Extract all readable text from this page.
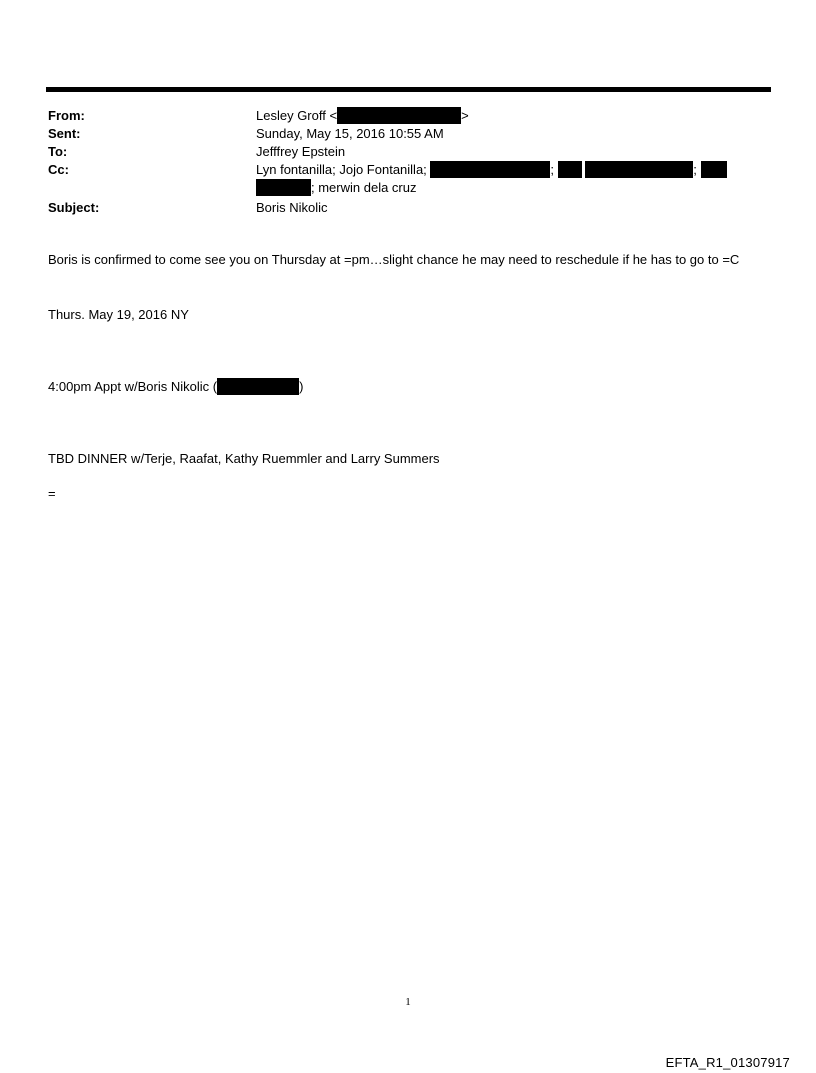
From:	Lesley Groff <	>
Sent:	Sunday, May 15, 2016 10:55 AM
To:	Jefffrey Epstein
Cc:	Lyn fontanilla; Jojo Fontanilla;	;	;
; merwin dela cruz
Subject:	Boris Nikolic
Boris is confirmed to come see you on Thursday at =pm…slight chance he may need to reschedule if he has to go to =C
Thurs. May 19, 2016 NY
4:00pm Appt w/Boris Nikolic (	)
TBD DINNER w/Terje, Raafat, Kathy Ruemmler and Larry Summers
=
1
EFTA_R1_01307917
